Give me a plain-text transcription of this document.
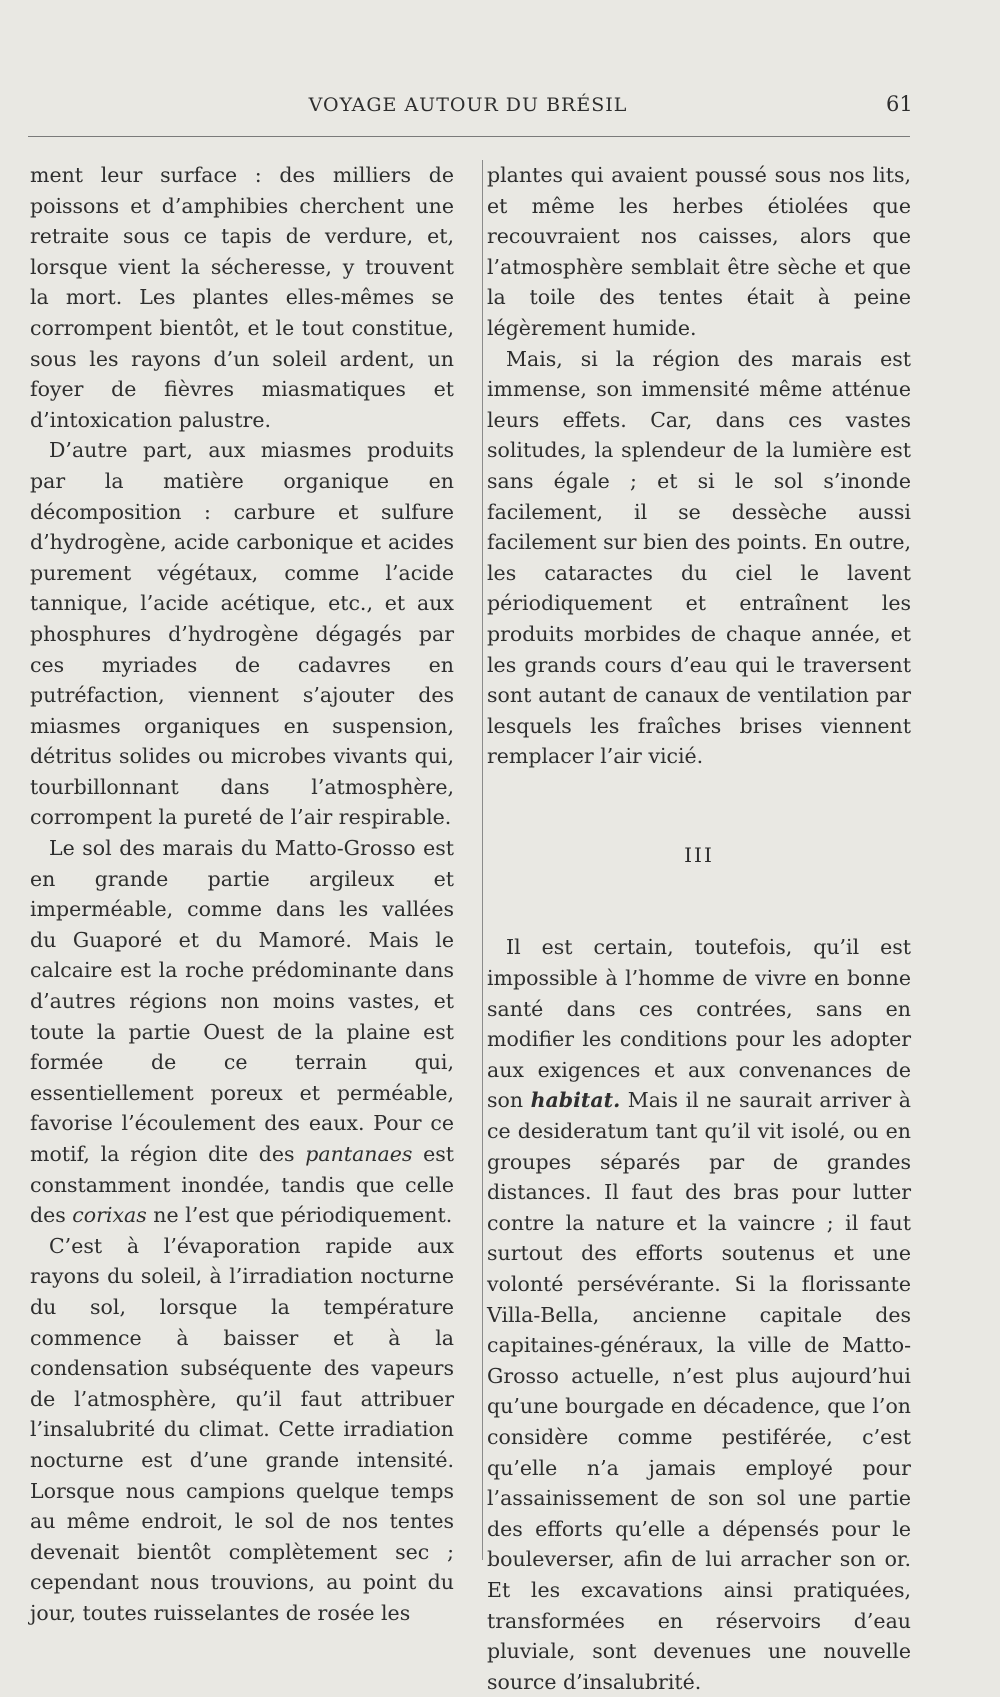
VOYAGE AUTOUR DU BRÉSIL	61

ment leur surface : des milliers de poissons et d’amphibies cherchent une retraite sous ce tapis de verdure, et, lorsque vient la sécheresse, y trouvent la mort. Les plantes elles-mêmes se corrompent bientôt, et le tout constitue, sous les rayons d’un soleil ardent, un foyer de fièvres miasmatiques et d’intoxication palustre.

D’autre part, aux miasmes produits par la matière organique en décomposition : carbure et sulfure d’hydrogène, acide carbonique et acides purement végétaux, comme l’acide tannique, l’acide acétique, etc., et aux phosphures d’hydrogène dégagés par ces myriades de cadavres en putréfaction, viennent s’ajouter des miasmes organiques en suspension, détritus solides ou microbes vivants qui, tourbillonnant dans l’atmosphère, corrompent la pureté de l’air respirable.

Le sol des marais du Matto-Grosso est en grande partie argileux et imperméable, comme dans les vallées du Guaporé et du Mamoré. Mais le calcaire est la roche prédominante dans d’autres régions non moins vastes, et toute la partie Ouest de la plaine est formée de ce terrain qui, essentiellement poreux et perméable, favorise l’écoulement des eaux. Pour ce motif, la région dite des pantanaes est constamment inondée, tandis que celle des corixas ne l’est que périodiquement.

C’est à l’évaporation rapide aux rayons du soleil, à l’irradiation nocturne du sol, lorsque la température commence à baisser et à la condensation subséquente des vapeurs de l’atmosphère, qu’il faut attribuer l’insalubrité du climat. Cette irradiation nocturne est d’une grande intensité. Lorsque nous campions quelque temps au même endroit, le sol de nos tentes devenait bientôt complètement sec ; cependant nous trouvions, au point du jour, toutes ruisselantes de rosée les

plantes qui avaient poussé sous nos lits, et même les herbes étiolées que recouvraient nos caisses, alors que l’atmosphère semblait être sèche et que la toile des tentes était à peine légèrement humide.

Mais, si la région des marais est immense, son immensité même atténue leurs effets. Car, dans ces vastes solitudes, la splendeur de la lumière est sans égale ; et si le sol s’inonde facilement, il se dessèche aussi facilement sur bien des points. En outre, les cataractes du ciel le lavent périodiquement et entraînent les produits morbides de chaque année, et les grands cours d’eau qui le traversent sont autant de canaux de ventilation par lesquels les fraîches brises viennent remplacer l’air vicié.

III

Il est certain, toutefois, qu’il est impossible à l’homme de vivre en bonne santé dans ces contrées, sans en modifier les conditions pour les adopter aux exigences et aux convenances de son habitat. Mais il ne saurait arriver à ce desideratum tant qu’il vit isolé, ou en groupes séparés par de grandes distances. Il faut des bras pour lutter contre la nature et la vaincre ; il faut surtout des efforts soutenus et une volonté persévérante. Si la florissante Villa-Bella, ancienne capitale des capitaines-généraux, la ville de Matto-Grosso actuelle, n’est plus aujourd’hui qu’une bourgade en décadence, que l’on considère comme pestiférée, c’est qu’elle n’a jamais employé pour l’assainissement de son sol une partie des efforts qu’elle a dépensés pour le bouleverser, afin de lui arracher son or. Et les excavations ainsi pratiquées, transformées en réservoirs d’eau pluviale, sont devenues une nouvelle source d’insalubrité.
